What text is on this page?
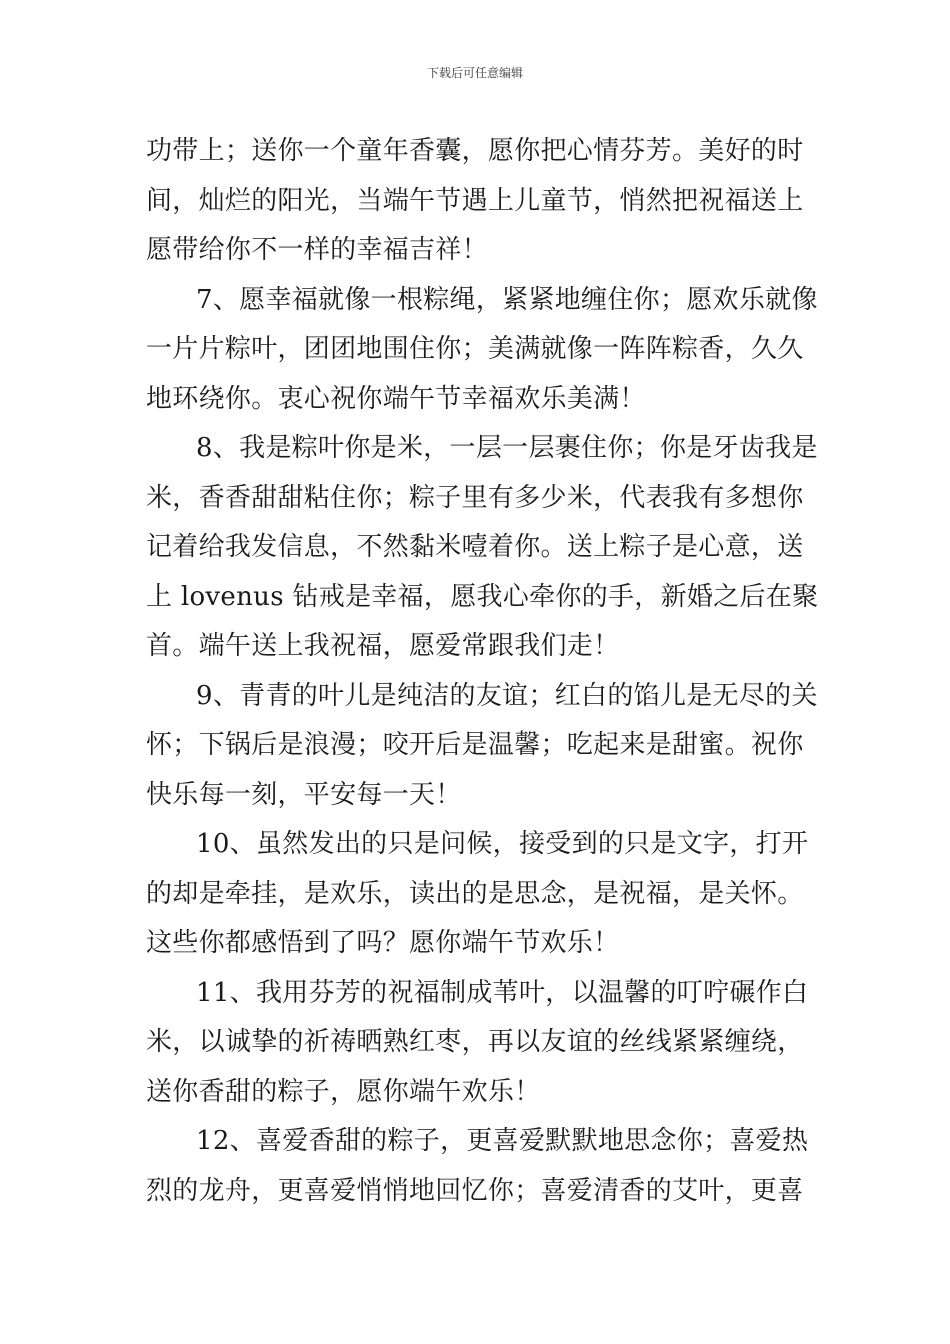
下载后可任意编辑

功带上；送你一个童年香囊，愿你把心情芬芳。美好的时间，灿烂的阳光，当端午节遇上儿童节，悄然把祝福送上愿带给你不一样的幸福吉祥！

7、愿幸福就像一根粽绳，紧紧地缠住你；愿欢乐就像一片片粽叶，团团地围住你；美满就像一阵阵粽香，久久地环绕你。衷心祝你端午节幸福欢乐美满！

8、我是粽叶你是米，一层一层裹住你；你是牙齿我是米，香香甜甜粘住你；粽子里有多少米，代表我有多想你记着给我发信息，不然黏米噎着你。送上粽子是心意，送上 lovenus 钻戒是幸福，愿我心牵你的手，新婚之后在聚首。端午送上我祝福，愿爱常跟我们走！

9、青青的叶儿是纯洁的友谊；红白的馅儿是无尽的关怀；下锅后是浪漫；咬开后是温馨；吃起来是甜蜜。祝你快乐每一刻，平安每一天！

10、虽然发出的只是问候，接受到的只是文字，打开的却是牵挂，是欢乐，读出的是思念，是祝福，是关怀。这些你都感悟到了吗？愿你端午节欢乐！

11、我用芬芳的祝福制成苇叶，以温馨的叮咛碾作白米，以诚挚的祈祷晒熟红枣，再以友谊的丝线紧紧缠绕，送你香甜的粽子，愿你端午欢乐！

12、喜爱香甜的粽子，更喜爱默默地思念你；喜爱热烈的龙舟，更喜爱悄悄地回忆你；喜爱清香的艾叶，更喜
